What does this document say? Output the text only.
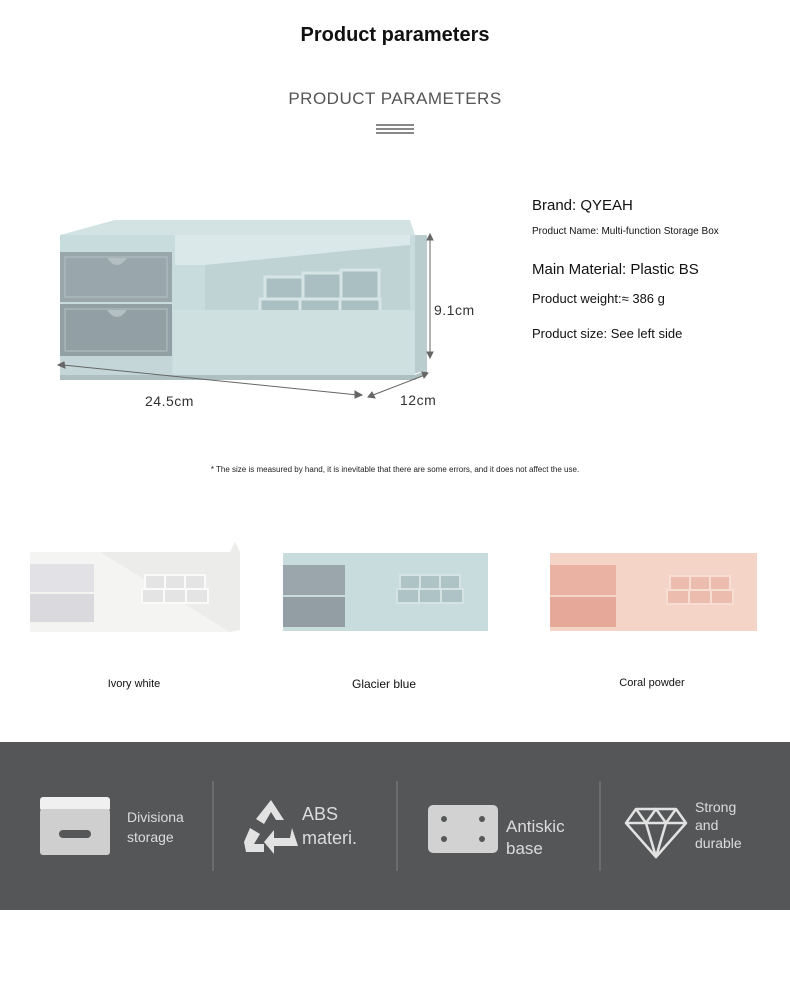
Product parameters
PRODUCT PARAMETERS
9.1cm
24.5cm	12cm
Brand: QYEAH
Product Name: Multi-function Storage Box
Main Material: Plastic BS
Product weight:≈ 386 g
Product size: See left side
* The size is measured by hand, it is inevitable that there are some errors, and it does not affect the use.
Ivory white	Glacier blue	Coral powder
Divisiona
storage
ABS
materi.
Antiskic
base
Strong
and
durable
